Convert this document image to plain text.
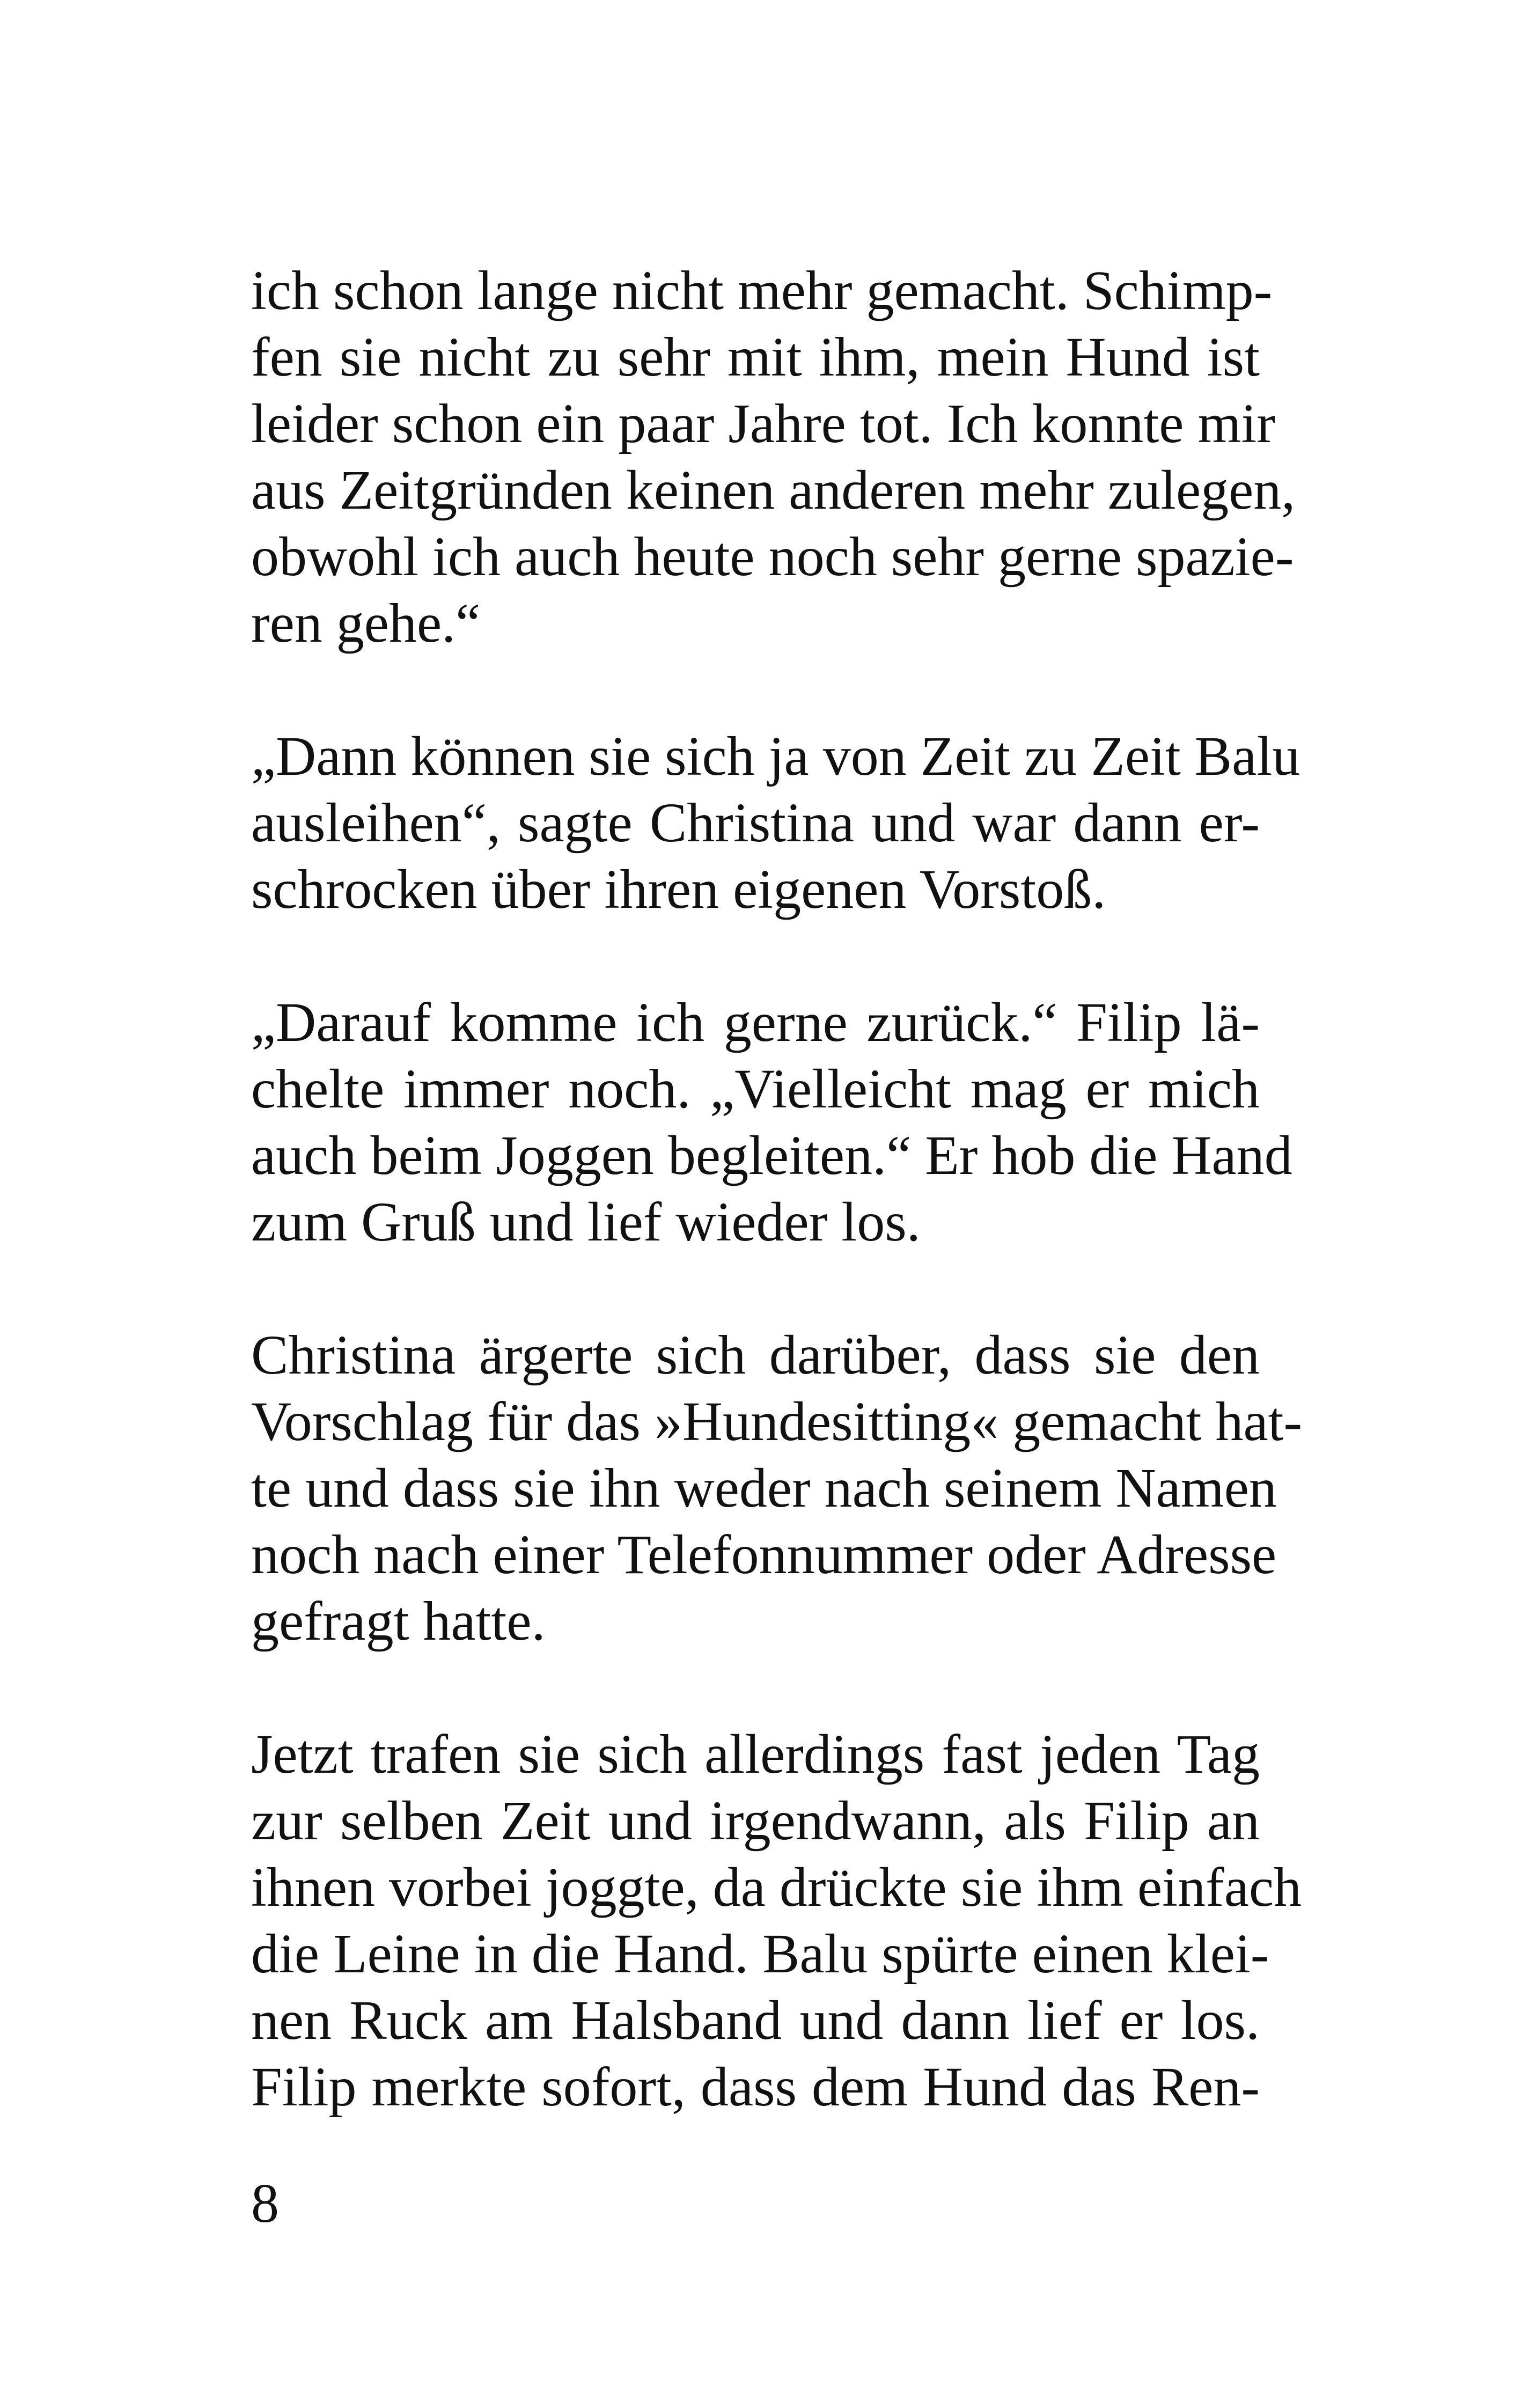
ich schon lange nicht mehr gemacht. Schimp-
fen sie nicht zu sehr mit ihm, mein Hund ist
leider schon ein paar Jahre tot. Ich konnte mir
aus Zeitgründen keinen anderen mehr zulegen,
obwohl ich auch heute noch sehr gerne spazie-
ren gehe.“
„Dann können sie sich ja von Zeit zu Zeit Balu
ausleihen“, sagte Christina und war dann er-
schrocken über ihren eigenen Vorstoß.
„Darauf komme ich gerne zurück.“ Filip lä-
chelte immer noch. „Vielleicht mag er mich
auch beim Joggen begleiten.“ Er hob die Hand
zum Gruß und lief wieder los.
Christina ärgerte sich darüber, dass sie den
Vorschlag für das »Hundesitting« gemacht hat-
te und dass sie ihn weder nach seinem Namen
noch nach einer Telefonnummer oder Adresse
gefragt hatte.
Jetzt trafen sie sich allerdings fast jeden Tag
zur selben Zeit und irgendwann, als Filip an
ihnen vorbei joggte, da drückte sie ihm einfach
die Leine in die Hand. Balu spürte einen klei-
nen Ruck am Halsband und dann lief er los.
Filip merkte sofort, dass dem Hund das Ren-
8
